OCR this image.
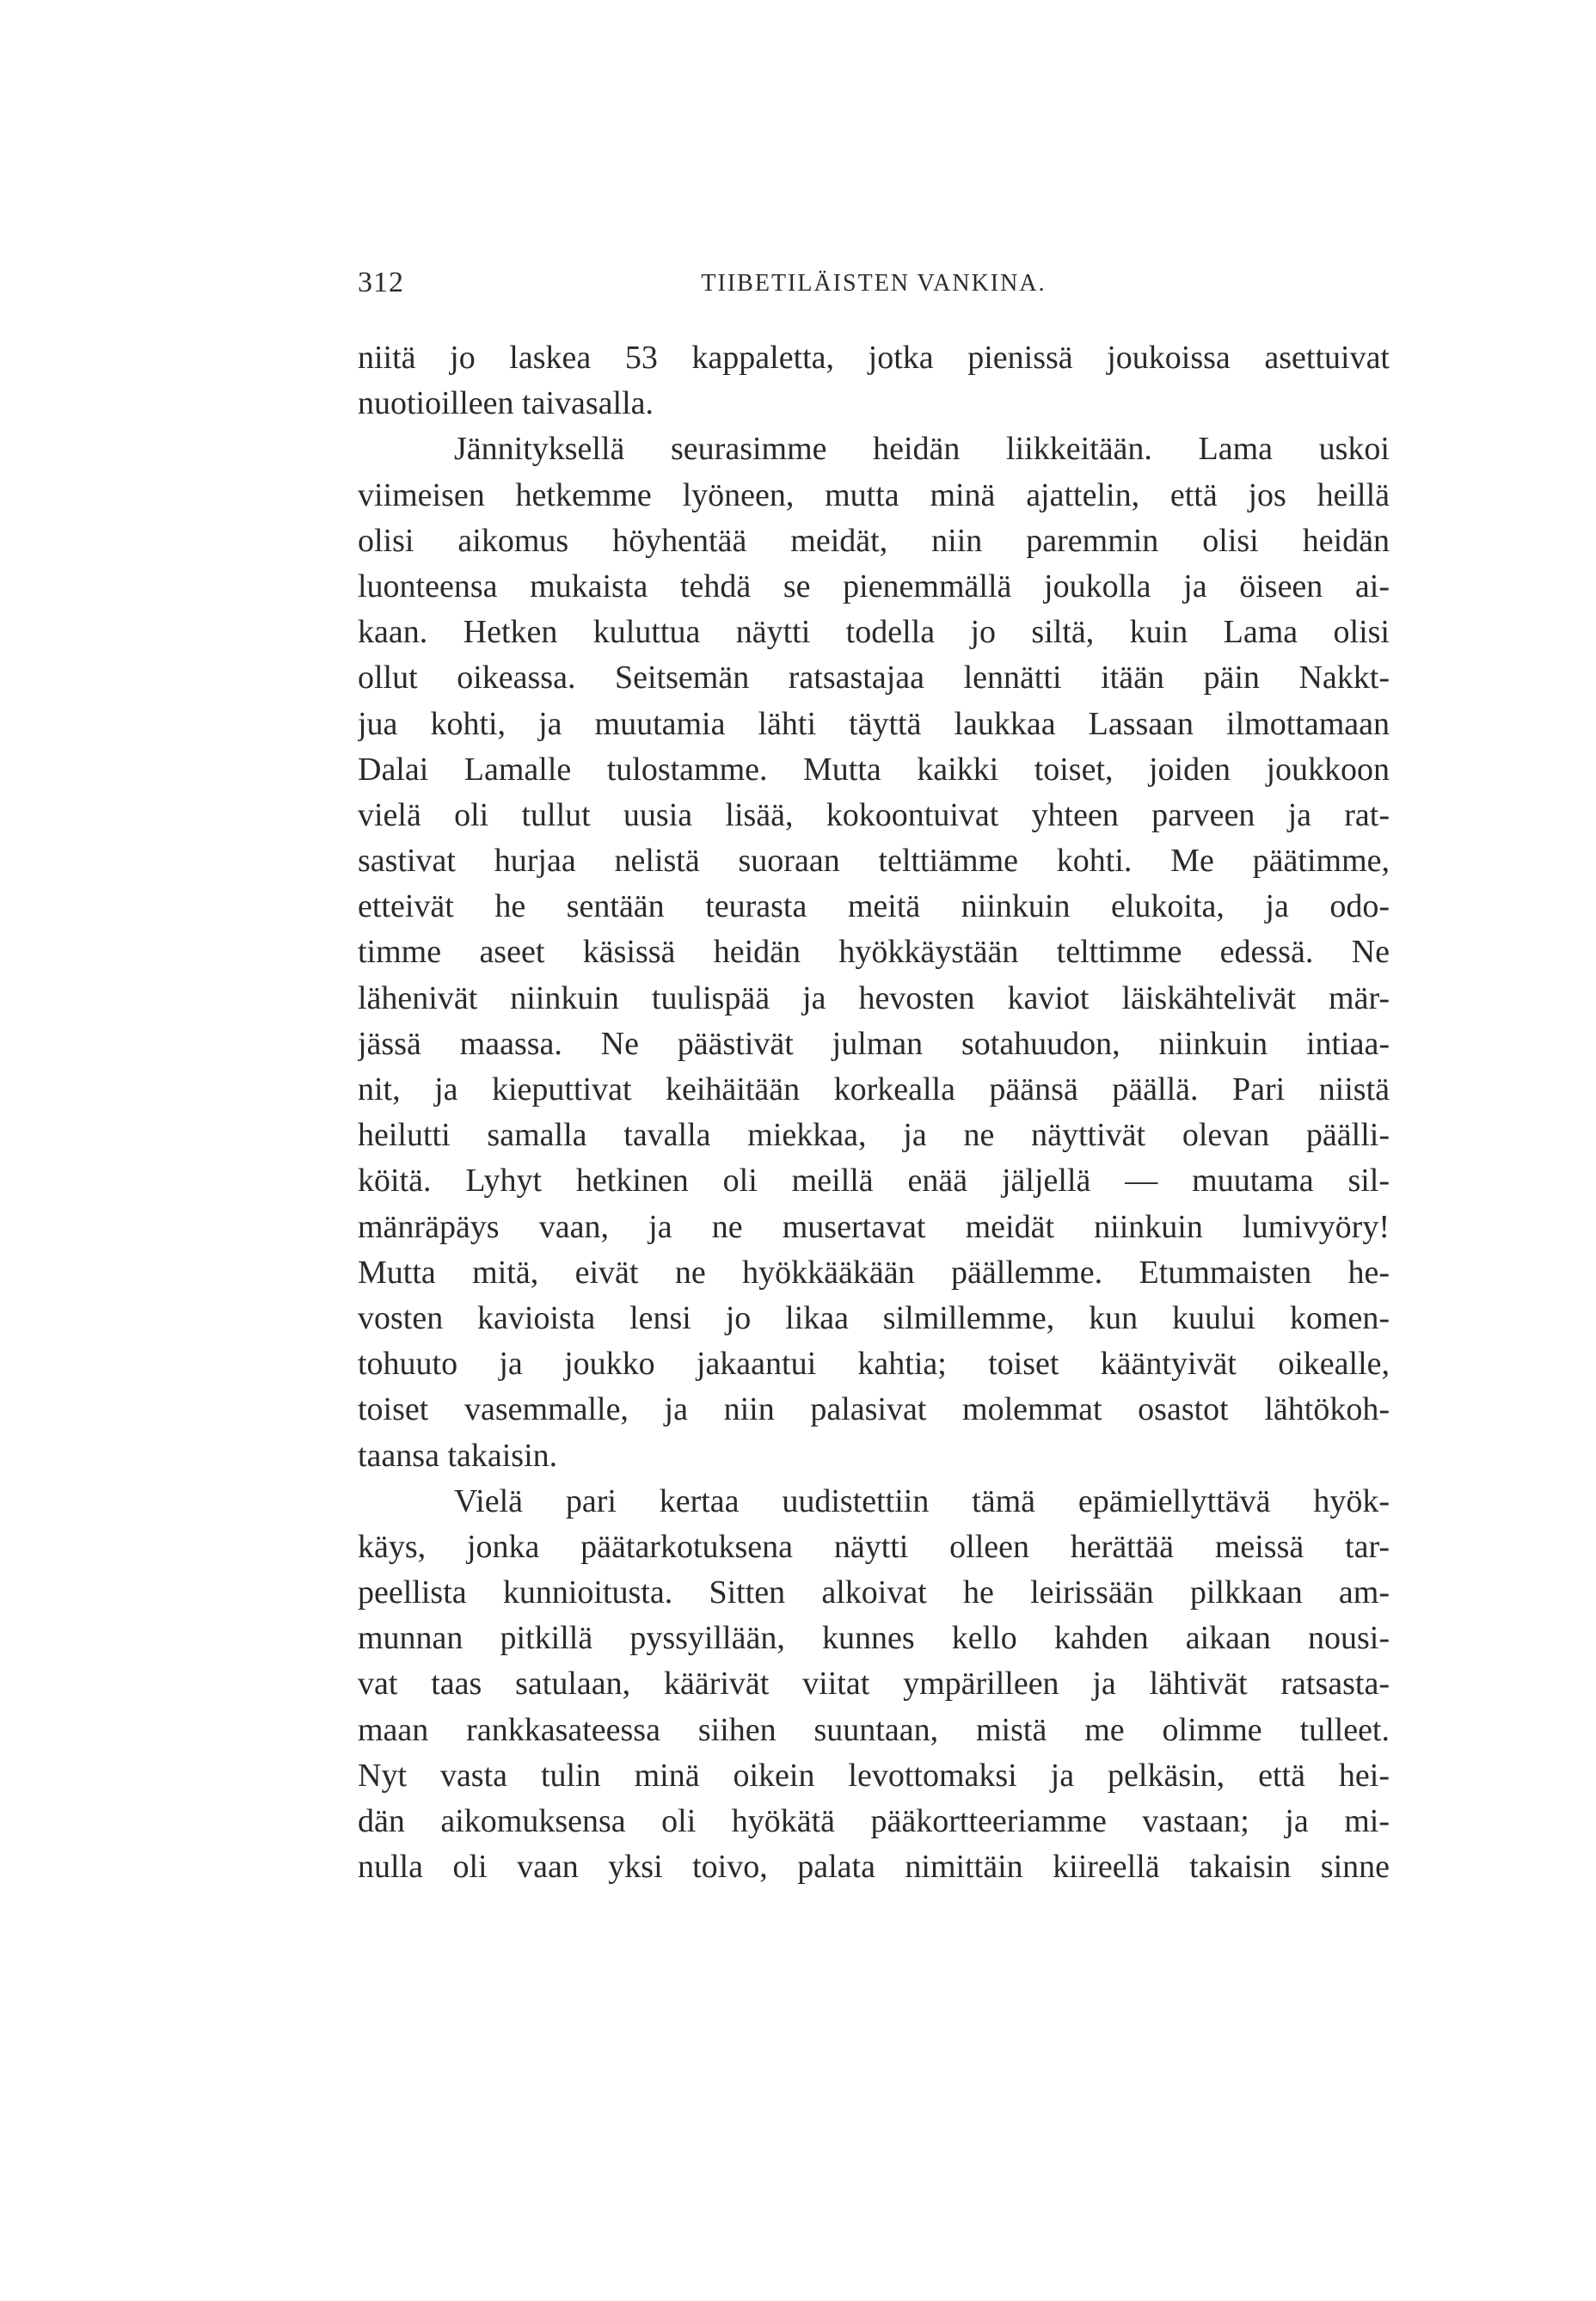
312	TIIBETILÄISTEN VANKINA.
niitä jo laskea 53 kappaletta, jotka pienissä joukoissa asettuivat
nuotioilleen taivasalla.
Jännityksellä seurasimme heidän liikkeitään. Lama uskoi
viimeisen hetkemme lyöneen, mutta minä ajattelin, että jos heillä
olisi aikomus höyhentää meidät, niin paremmin olisi heidän
luonteensa mukaista tehdä se pienemmällä joukolla ja öiseen ai-
kaan. Hetken kuluttua näytti todella jo siltä, kuin Lama olisi
ollut oikeassa. Seitsemän ratsastajaa lennätti itään päin Nakkt-
jua kohti, ja muutamia lähti täyttä laukkaa Lassaan ilmottamaan
Dalai Lamalle tulostamme. Mutta kaikki toiset, joiden joukkoon
vielä oli tullut uusia lisää, kokoontuivat yhteen parveen ja rat-
sastivat hurjaa nelistä suoraan telttiämme kohti. Me päätimme,
etteivät he sentään teurasta meitä niinkuin elukoita, ja odo-
timme aseet käsissä heidän hyökkäystään telttimme edessä. Ne
lähenivät niinkuin tuulispää ja hevosten kaviot läiskähtelivät mär-
jässä maassa. Ne päästivät julman sotahuudon, niinkuin intiaa-
nit, ja kieputtivat keihäitään korkealla päänsä päällä. Pari niistä
heilutti samalla tavalla miekkaa, ja ne näyttivät olevan päälli-
köitä. Lyhyt hetkinen oli meillä enää jäljellä — muutama sil-
mänräpäys vaan, ja ne musertavat meidät niinkuin lumivyöry!
Mutta mitä, eivät ne hyökkääkään päällemme. Etummaisten he-
vosten kavioista lensi jo likaa silmillemme, kun kuului komen-
tohuuto ja joukko jakaantui kahtia; toiset kääntyivät oikealle,
toiset vasemmalle, ja niin palasivat molemmat osastot lähtökoh-
taansa takaisin.
Vielä pari kertaa uudistettiin tämä epämiellyttävä hyök-
käys, jonka päätarkotuksena näytti olleen herättää meissä tar-
peellista kunnioitusta. Sitten alkoivat he leirissään pilkkaan am-
munnan pitkillä pyssyillään, kunnes kello kahden aikaan nousi-
vat taas satulaan, käärivät viitat ympärilleen ja lähtivät ratsasta-
maan rankkasateessa siihen suuntaan, mistä me olimme tulleet.
Nyt vasta tulin minä oikein levottomaksi ja pelkäsin, että hei-
dän aikomuksensa oli hyökätä pääkortteeriamme vastaan; ja mi-
nulla oli vaan yksi toivo, palata nimittäin kiireellä takaisin sinne
